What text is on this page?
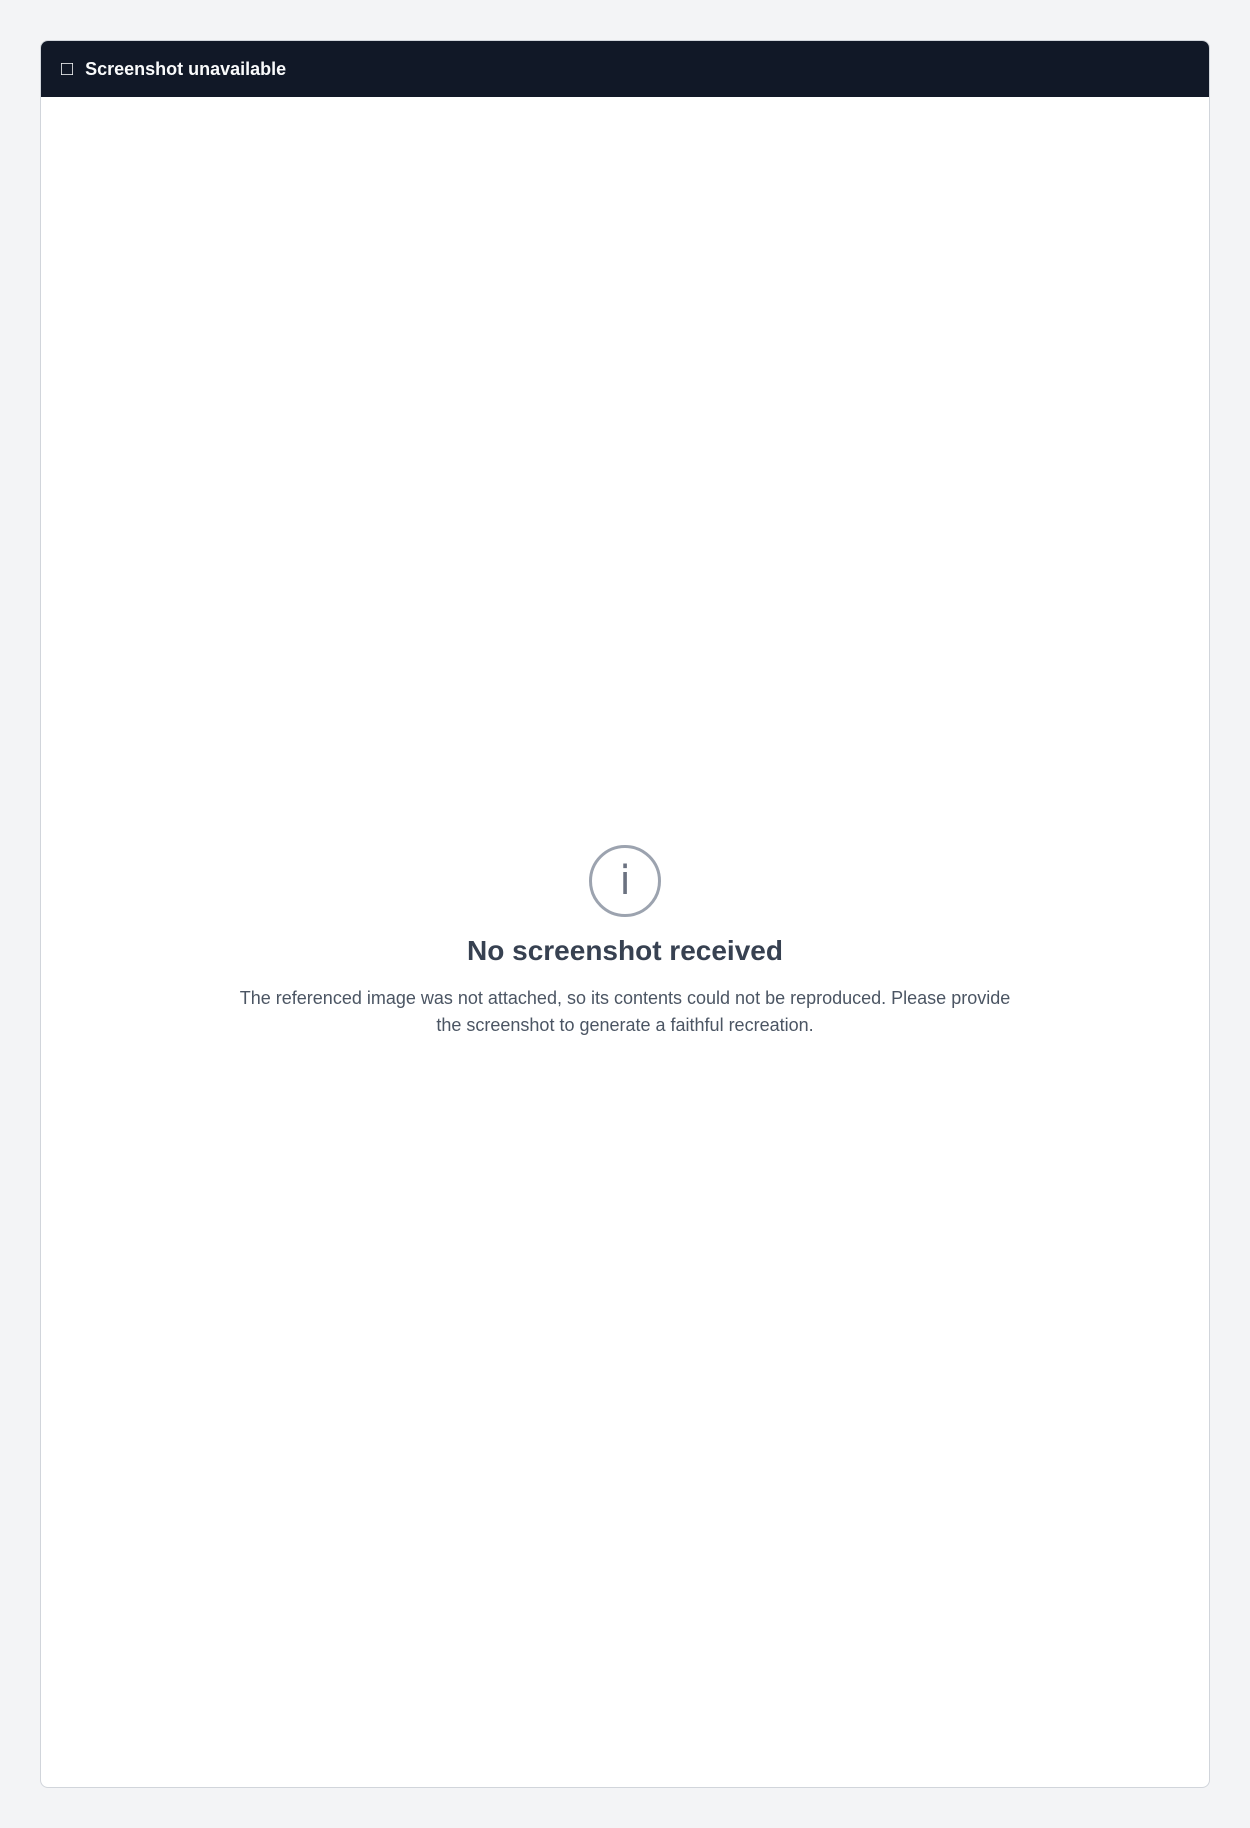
□ Screenshot unavailable
i
No screenshot received
The referenced image was not attached, so its contents could not be reproduced. Please provide the screenshot to generate a faithful recreation.
